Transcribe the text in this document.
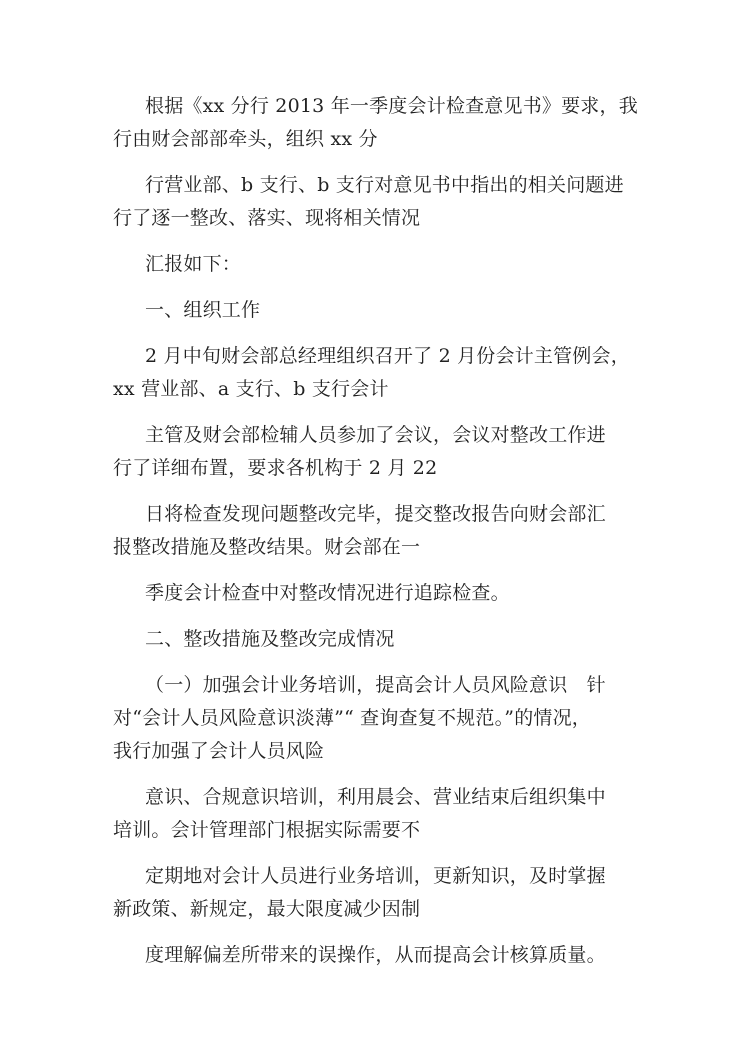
根据《xx 分行 2013 年一季度会计检查意见书》要求，我
行由财会部部牵头，组织 xx 分

行营业部、b 支行、b 支行对意见书中指出的相关问题进
行了逐一整改、落实、现将相关情况

汇报如下：

一、组织工作

2 月中旬财会部总经理组织召开了 2 月份会计主管例会，
xx 营业部、a 支行、b 支行会计

主管及财会部检辅人员参加了会议，会议对整改工作进
行了详细布置，要求各机构于 2 月 22

日将检查发现问题整改完毕，提交整改报告向财会部汇
报整改措施及整改结果。财会部在一

季度会计检查中对整改情况进行追踪检查。

二、整改措施及整改完成情况

（一）加强会计业务培训，提高会计人员风险意识　针
对“会计人员风险意识淡薄”“ 查询查复不规范。”的情况，
我行加强了会计人员风险

意识、合规意识培训，利用晨会、营业结束后组织集中
培训。会计管理部门根据实际需要不

定期地对会计人员进行业务培训，更新知识，及时掌握
新政策、新规定，最大限度减少因制

度理解偏差所带来的误操作，从而提高会计核算质量。
